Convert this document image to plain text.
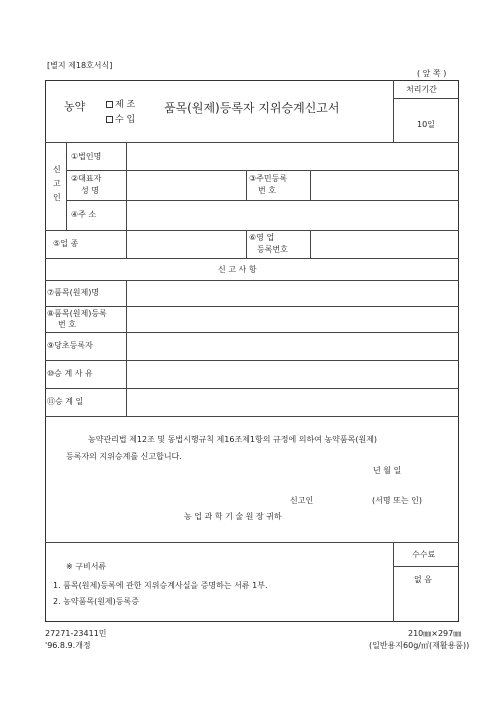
[별지 제18호서식]
( 앞 쪽 )
농약	제 조
수 입
품목(원제)등록자 지위승계신고서
처리기간
10일
신
고
인
①법인명
②대표자
성 명
③주민등록
번 호
④주 소
⑤업 종
⑥영 업
등록번호
신 고 사 항
⑦품목(원제)명
⑧품목(원제)등록
번 호
⑨당초등록자
⑩승 계 사 유
⑪승 계 일
농약관리법 제12조 및 동법시행규칙 제16조제1항의 규정에 의하여 농약품목(원제)
등록자의 지위승계를 신고합니다.
년 월 일
신고인	(서명 또는 인)
농 업 과 학 기 술 원 장 귀하
※ 구비서류
1. 품목(원제)등록에 관한 지위승계사실을 증명하는 서류 1부.
2. 농약품목(원제)등록증
수수료
없 음
27271-23411민
'96.8.9.개정
210㎜×297㎜
(일반용지60g/㎡(재활용품))
